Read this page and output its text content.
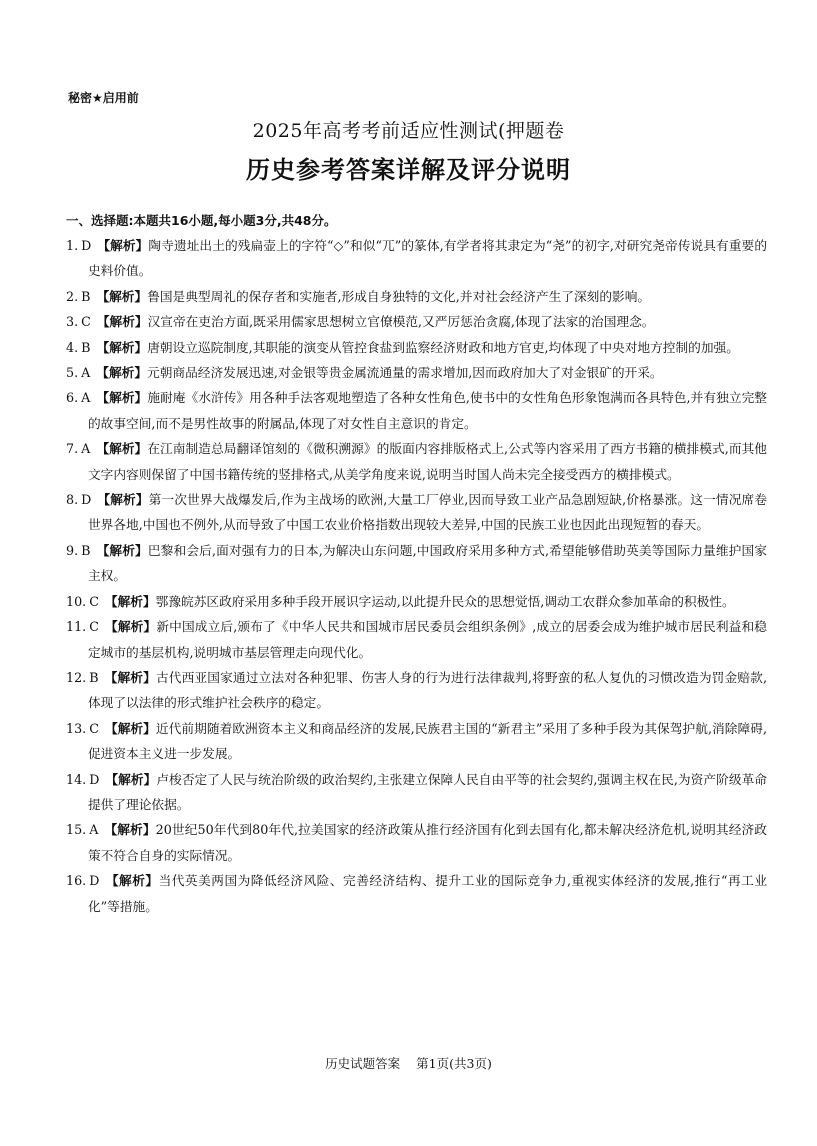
秘密★启用前
2025年高考考前适应性测试(押题卷
历史参考答案详解及评分说明
一、选择题:本题共16小题,每小题3分,共48分。
1. D 【解析】陶寺遗址出土的残扁壶上的字符“◇”和似“兀”的篆体,有学者将其隶定为“尧”的初字,对研究尧帝传说具有重要的史料价值。
2. B 【解析】鲁国是典型周礼的保存者和实施者,形成自身独特的文化,并对社会经济产生了深刻的影响。
3. C 【解析】汉宣帝在吏治方面,既采用儒家思想树立官僚模范,又严厉惩治贪腐,体现了法家的治国理念。
4. B 【解析】唐朝设立巡院制度,其职能的演变从管控食盐到监察经济财政和地方官吏,均体现了中央对地方控制的加强。
5. A 【解析】元朝商品经济发展迅速,对金银等贵金属流通量的需求增加,因而政府加大了对金银矿的开采。
6. A 【解析】施耐庵《水浒传》用各种手法客观地塑造了各种女性角色,使书中的女性角色形象饱满而各具特色,并有独立完整的故事空间,而不是男性故事的附属品,体现了对女性自主意识的肯定。
7. A 【解析】在江南制造总局翻译馆刻的《微积溯源》的版面内容排版格式上,公式等内容采用了西方书籍的横排模式,而其他文字内容则保留了中国书籍传统的竖排格式,从美学角度来说,说明当时国人尚未完全接受西方的横排模式。
8. D 【解析】第一次世界大战爆发后,作为主战场的欧洲,大量工厂停业,因而导致工业产品急剧短缺,价格暴涨。这一情况席卷世界各地,中国也不例外,从而导致了中国工农业价格指数出现较大差异,中国的民族工业也因此出现短暂的春天。
9. B 【解析】巴黎和会后,面对强有力的日本,为解决山东问题,中国政府采用多种方式,希望能够借助英美等国际力量维护国家主权。
10. C 【解析】鄂豫皖苏区政府采用多种手段开展识字运动,以此提升民众的思想觉悟,调动工农群众参加革命的积极性。
11. C 【解析】新中国成立后,颁布了《中华人民共和国城市居民委员会组织条例》,成立的居委会成为维护城市居民利益和稳定城市的基层机构,说明城市基层管理走向现代化。
12. B 【解析】古代西亚国家通过立法对各种犯罪、伤害人身的行为进行法律裁判,将野蛮的私人复仇的习惯改造为罚金赔款,体现了以法律的形式维护社会秩序的稳定。
13. C 【解析】近代前期随着欧洲资本主义和商品经济的发展,民族君主国的“新君主”采用了多种手段为其保驾护航,消除障碍,促进资本主义进一步发展。
14. D 【解析】卢梭否定了人民与统治阶级的政治契约,主张建立保障人民自由平等的社会契约,强调主权在民,为资产阶级革命提供了理论依据。
15. A 【解析】20世纪50年代到80年代,拉美国家的经济政策从推行经济国有化到去国有化,都未解决经济危机,说明其经济政策不符合自身的实际情况。
16. D 【解析】当代英美两国为降低经济风险、完善经济结构、提升工业的国际竞争力,重视实体经济的发展,推行“再工业化”等措施。
历史试题答案 第1页(共3页)
